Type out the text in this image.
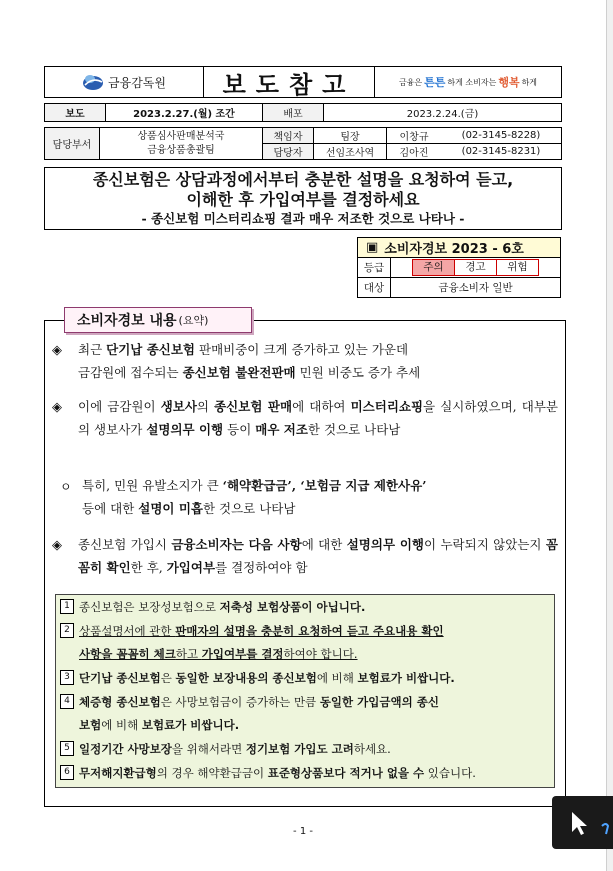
금융감독원	보도참고	금융은 튼튼 하게 소비자는 행복 하게
보도	2023.2.27.(월) 조간	배포	2023.2.24.(금)
담당부서	상품심사판매분석국
금융상품총괄팀	책임자	팀장	이창규	(02-3145-8228)
		담당자	선임조사역	김아진	(02-3145-8231)
종신보험은 상담과정에서부터 충분한 설명을 요청하여 듣고,
이해한 후 가입여부를 결정하세요
- 종신보험 미스터리쇼핑 결과 매우 저조한 것으로 나타나 -
▣ 소비자경보 2023 - 6호
등급	주의	경고	위험
대상	금융소비자 일반
소비자경보 내용 (요약)
◈ 최근 단기납 종신보험 판매비중이 크게 증가하고 있는 가운데
금감원에 접수되는 종신보험 불완전판매 민원 비중도 증가 추세
◈ 이에 금감원이 생보사의 종신보험 판매에 대하여 미스터리쇼핑을 실시하였으며, 대부분의 생보사가 설명의무 이행 등이 매우 저조한 것으로 나타남
ㅇ 특히, 민원 유발소지가 큰 ‘해약환급금’, ‘보험금 지급 제한사유’
등에 대한 설명이 미흡한 것으로 나타남
◈ 종신보험 가입시 금융소비자는 다음 사항에 대한 설명의무 이행이 누락되지 않았는지 꼼꼼히 확인한 후, 가입여부를 결정하여야 함
1 종신보험은 보장성보험으로 저축성 보험상품이 아닙니다.
2 상품설명서에 관한 판매자의 설명을 충분히 요청하여 듣고 주요내용 확인
사항을 꼼꼼히 체크하고 가입여부를 결정하여야 합니다.
3 단기납 종신보험은 동일한 보장내용의 종신보험에 비해 보험료가 비쌉니다.
4 체증형 종신보험은 사망보험금이 증가하는 만큼 동일한 가입금액의 종신
보험에 비해 보험료가 비쌉니다.
5 일정기간 사망보장을 위해서라면 정기보험 가입도 고려하세요.
6 무저해지환급형의 경우 해약환급금이 표준형상품보다 적거나 없을 수 있습니다.
- 1 -
